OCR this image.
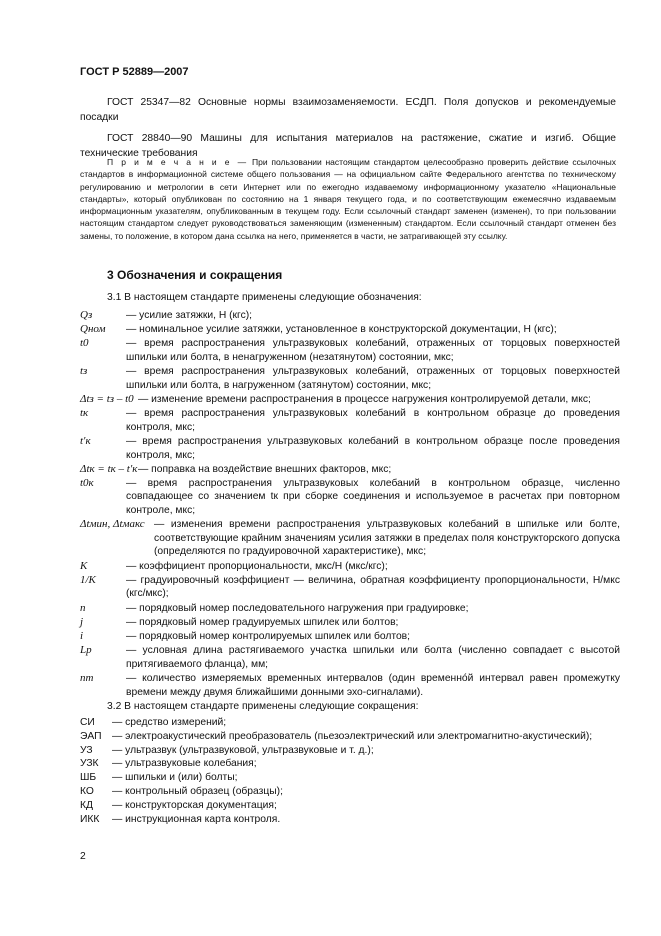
ГОСТ Р 52889—2007

ГОСТ 25347—82 Основные нормы взаимозаменяемости. ЕСДП. Поля допусков и рекомендуемые посадки

ГОСТ 28840—90 Машины для испытания материалов на растяжение, сжатие и изгиб. Общие технические требования

П р и м е ч а н и е — При пользовании настоящим стандартом целесообразно проверить действие ссылочных стандартов в информационной системе общего пользования — на официальном сайте Федерального агентства по техническому регулированию и метрологии в сети Интернет или по ежегодно издаваемому информационному указателю «Национальные стандарты», который опубликован по состоянию на 1 января текущего года, и по соответствующим ежемесячно издаваемым информационным указателям, опубликованным в текущем году. Если ссылочный стандарт заменен (изменен), то при пользовании настоящим стандартом следует руководствоваться заменяющим (измененным) стандартом. Если ссылочный стандарт отменен без замены, то положение, в котором дана ссылка на него, применяется в части, не затрагивающей эту ссылку.
3 Обозначения и сокращения
3.1 В настоящем стандарте применены следующие обозначения:
Qз	— усилие затяжки, Н (кгс);
Qном	— номинальное усилие затяжки, установленное в конструкторской документации, Н (кгс);
t0	— время распространения ультразвуковых колебаний, отраженных от торцовых поверхностей шпильки или болта, в ненагруженном (незатянутом) состоянии, мкс;
tз	— время распространения ультразвуковых колебаний, отраженных от торцовых поверхностей шпильки или болта, в нагруженном (затянутом) состоянии, мкс;
Δtз = tз – t0 — изменение времени распространения в процессе нагружения контролируемой детали, мкс;
tк	— время распространения ультразвуковых колебаний в контрольном образце до проведения контроля, мкс;
t′к	— время распространения ультразвуковых колебаний в контрольном образце после проведения контроля, мкс;
Δtк = tк – t′к — поправка на воздействие внешних факторов, мкс;
t0к	— время распространения ультразвуковых колебаний в контрольном образце, численно совпадающее со значением tк при сборке соединения и используемое в расчетах при повторном контроле, мкс;
Δtмин, Δtмакс — изменения времени распространения ультразвуковых колебаний в шпильке или болте, соответствующие крайним значениям усилия затяжки в пределах поля конструкторского допуска (определяются по градуировочной характеристике), мкс;
К	— коэффициент пропорциональности, мкс/Н (мкс/кгс);
1/К	— градуировочный коэффициент — величина, обратная коэффициенту пропорциональности, Н/мкс (кгс/мкс);
n	— порядковый номер последовательного нагружения при градуировке;
j	— порядковый номер градуируемых шпилек или болтов;
i	— порядковый номер контролируемых шпилек или болтов;
Lр	— условная длина растягиваемого участка шпильки или болта (численно совпадает с высотой притягиваемого фланца), мм;
nт	— количество измеряемых временных интервалов (один временно́й интервал равен промежутку времени между двумя ближайшими донными эхо-сигналами).
3.2 В настоящем стандарте применены следующие сокращения:
СИ	— средство измерений;
ЭАП	— электроакустический преобразователь (пьезоэлектрический или электромагнитно-акустический);
УЗ	— ультразвук (ультразвуковой, ультразвуковые и т. д.);
УЗК	— ультразвуковые колебания;
ШБ	— шпильки и (или) болты;
КО	— контрольный образец (образцы);
КД	— конструкторская документация;
ИКК	— инструкционная карта контроля.
2
